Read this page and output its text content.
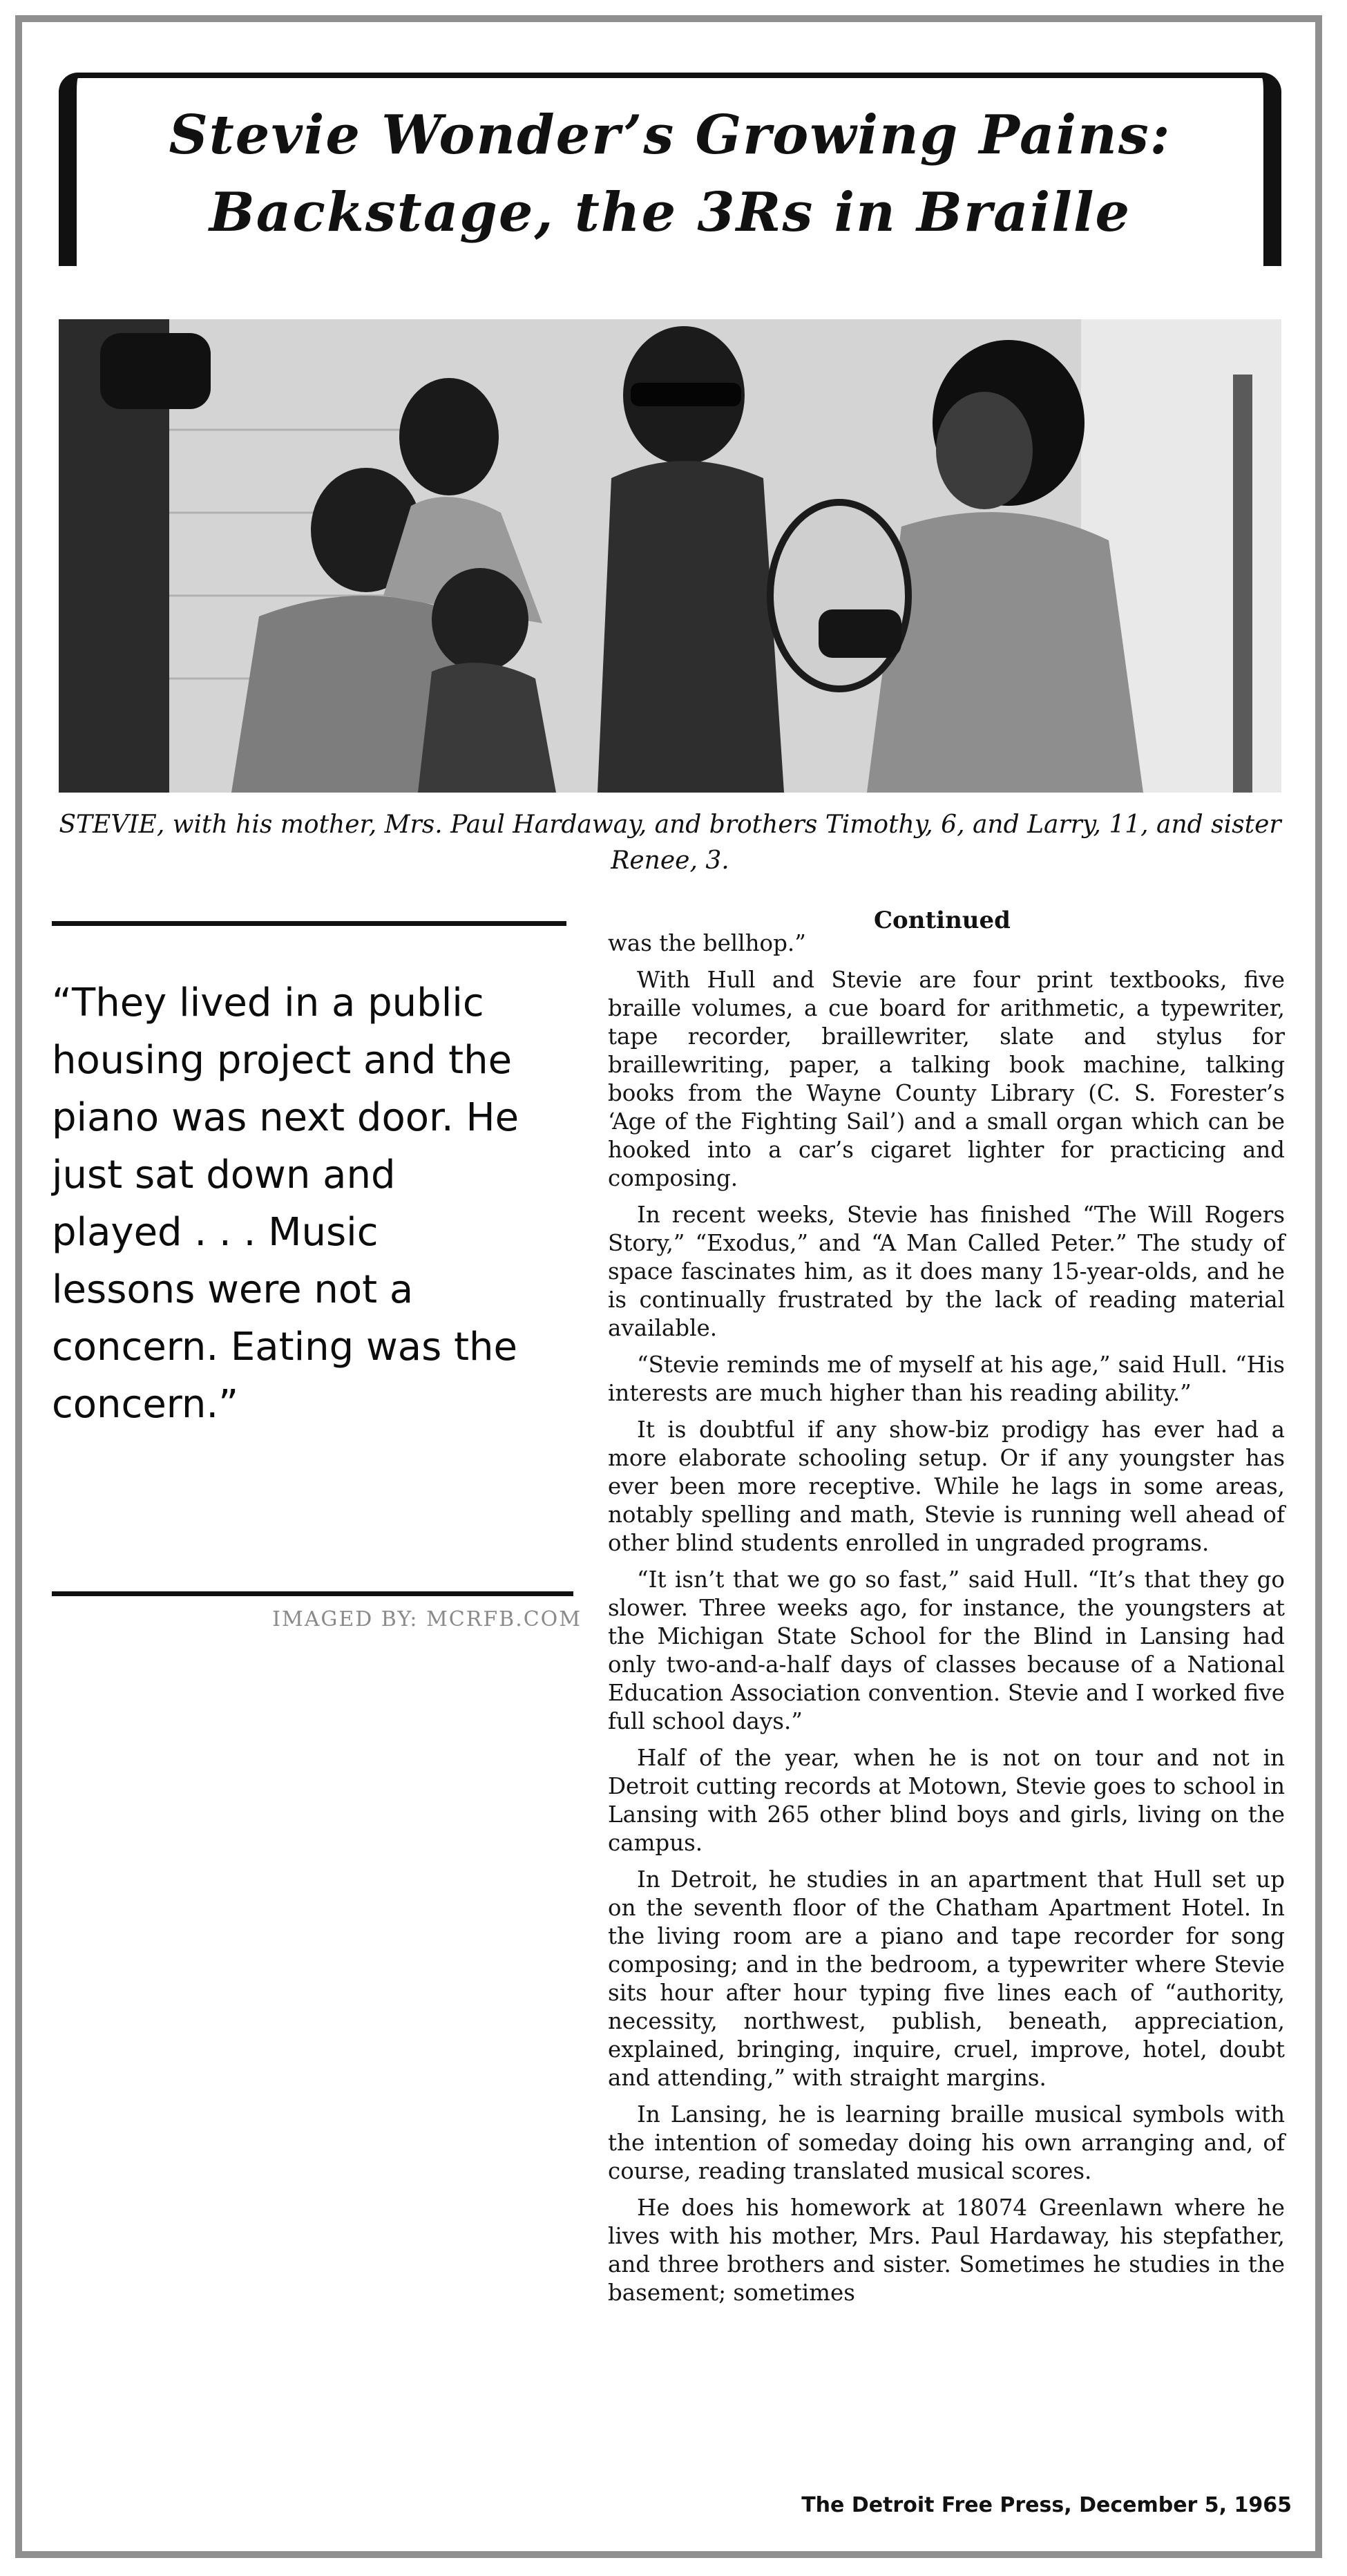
Stevie Wonder’s Growing Pains:
Backstage, the 3Rs in Braille

STEVIE, with his mother, Mrs. Paul Hardaway, and brothers Timothy, 6, and Larry, 11, and sister Renee, 3.

“They lived in a public housing project and the piano was next door. He just sat down and played . . . Music lessons were not a concern. Eating was the concern.”

IMAGED BY: MCRFB.COM
Continued

was the bellhop.”

With Hull and Stevie are four print textbooks, five braille volumes, a cue board for arithmetic, a typewriter, tape recorder, braillewriter, slate and stylus for braillewriting, paper, a talking book machine, talking books from the Wayne County Library (C. S. Forester’s ‘Age of the Fighting Sail’) and a small organ which can be hooked into a car’s cigaret lighter for practicing and composing.

In recent weeks, Stevie has finished “The Will Rogers Story,” “Exodus,” and “A Man Called Peter.” The study of space fascinates him, as it does many 15-year-olds, and he is continually frustrated by the lack of reading material available.

“Stevie reminds me of myself at his age,” said Hull. “His interests are much higher than his reading ability.”

It is doubtful if any show-biz prodigy has ever had a more elaborate schooling setup. Or if any youngster has ever been more receptive. While he lags in some areas, notably spelling and math, Stevie is running well ahead of other blind students enrolled in ungraded programs.

“It isn’t that we go so fast,” said Hull. “It’s that they go slower. Three weeks ago, for instance, the youngsters at the Michigan State School for the Blind in Lansing had only two-and-a-half days of classes because of a National Education Association convention. Stevie and I worked five full school days.”

Half of the year, when he is not on tour and not in Detroit cutting records at Motown, Stevie goes to school in Lansing with 265 other blind boys and girls, living on the campus.

In Detroit, he studies in an apartment that Hull set up on the seventh floor of the Chatham Apartment Hotel. In the living room are a piano and tape recorder for song composing; and in the bedroom, a typewriter where Stevie sits hour after hour typing five lines each of “authority, necessity, northwest, publish, beneath, appreciation, explained, bringing, inquire, cruel, improve, hotel, doubt and attending,” with straight margins.

In Lansing, he is learning braille musical symbols with the intention of someday doing his own arranging and, of course, reading translated musical scores.

He does his homework at 18074 Greenlawn where he lives with his mother, Mrs. Paul Hardaway, his stepfather, and three brothers and sister. Sometimes he studies in the basement; sometimes

The Detroit Free Press, December 5, 1965
